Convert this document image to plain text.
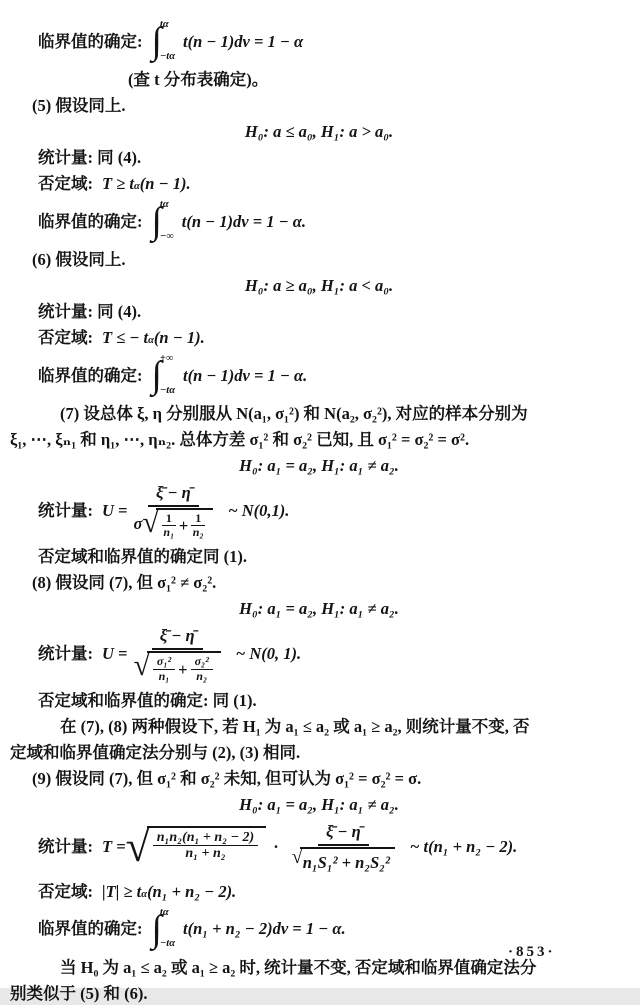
临界值的确定: ∫
tα
−tα
t(n − 1)dv = 1 − α
(查 t 分布表确定)。
(5) 假设同上.
H₀: a ≤ a₀, H₁: a > a₀.
统计量: 同 (4).
否定域: $T \ge t_\alpha$ (n − 1).
临界值的确定: ∫
tα
−∞
t(n − 1)dv = 1 − α.
(6) 假设同上.
H₀: a ≥ a₀, H₁: a < a₀.
统计量: 同 (4).
否定域: T ≤ − $t_\alpha$ (n − 1).
临界值的确定: ∫
+∞
−tα
t(n − 1)dv = 1 − α.
(7) 设总体 ξ, η 分别服从 N(a₁, σ₁²) 和 N(a₂, σ₂²), 对应的样本分别为
ξ₁, ⋯, ξₙ₁ 和 η₁, ⋯, ηₙ₂. 总体方差 σ₁² 和 σ₂² 已知, 且 σ₁² = σ₂² = σ².
H₀: a₁ = a₂, H₁: a₁ ≠ a₂.
统计量: U =
ξ̄ − η̄
σ √ 1
$n_1 + \frac{1}{\text{n₂}}$
~ N(0,1).
否定域和临界值的确定同 (1).
(8) 假设同 (7), 但 σ₁² ≠ σ₂².
H₀: a₁ = a₂, H₁: a₁ ≠ a₂.
统计量: U =
ξ̄ − η̄
√ σ₁²
$n_1 + \frac{\text{σ₂²}}{\text{n₂}}$
~ N(0, 1).
否定域和临界值的确定: 同 (1).
在 (7), (8) 两种假设下, 若 H₁ 为 a₁ ≤ a₂ 或 a₁ ≥ a₂, 则统计量不变, 否
定域和临界值确定法分别与 (2), (3) 相同.
(9) 假设同 (7), 但 σ₁² 和 σ₂² 未知, 但可认为 σ₁² = σ₂² = σ.
H₀: a₁ = a₂, H₁: a₁ ≠ a₂.
统计量: T = √ n₁n₂(n₁ + n₂ − 2)
n₁ + n₂	· $\frac{\xī - \etā}{\text{√ n₁S₁² + n₂S₂²}}$ ~ t(n₁ + n₂ − 2).
否定域: $|T| \ge t_\alpha$ (n₁ + n₂ − 2).
临界值的确定: ∫
tα
−tα
t(n₁ + n₂ − 2)dv = 1 − α.
当 H₀ 为 a₁ ≤ a₂ 或 a₁ ≥ a₂ 时, 统计量不变, 否定域和临界值确定法分
别类似于 (5) 和 (6).
·853·
